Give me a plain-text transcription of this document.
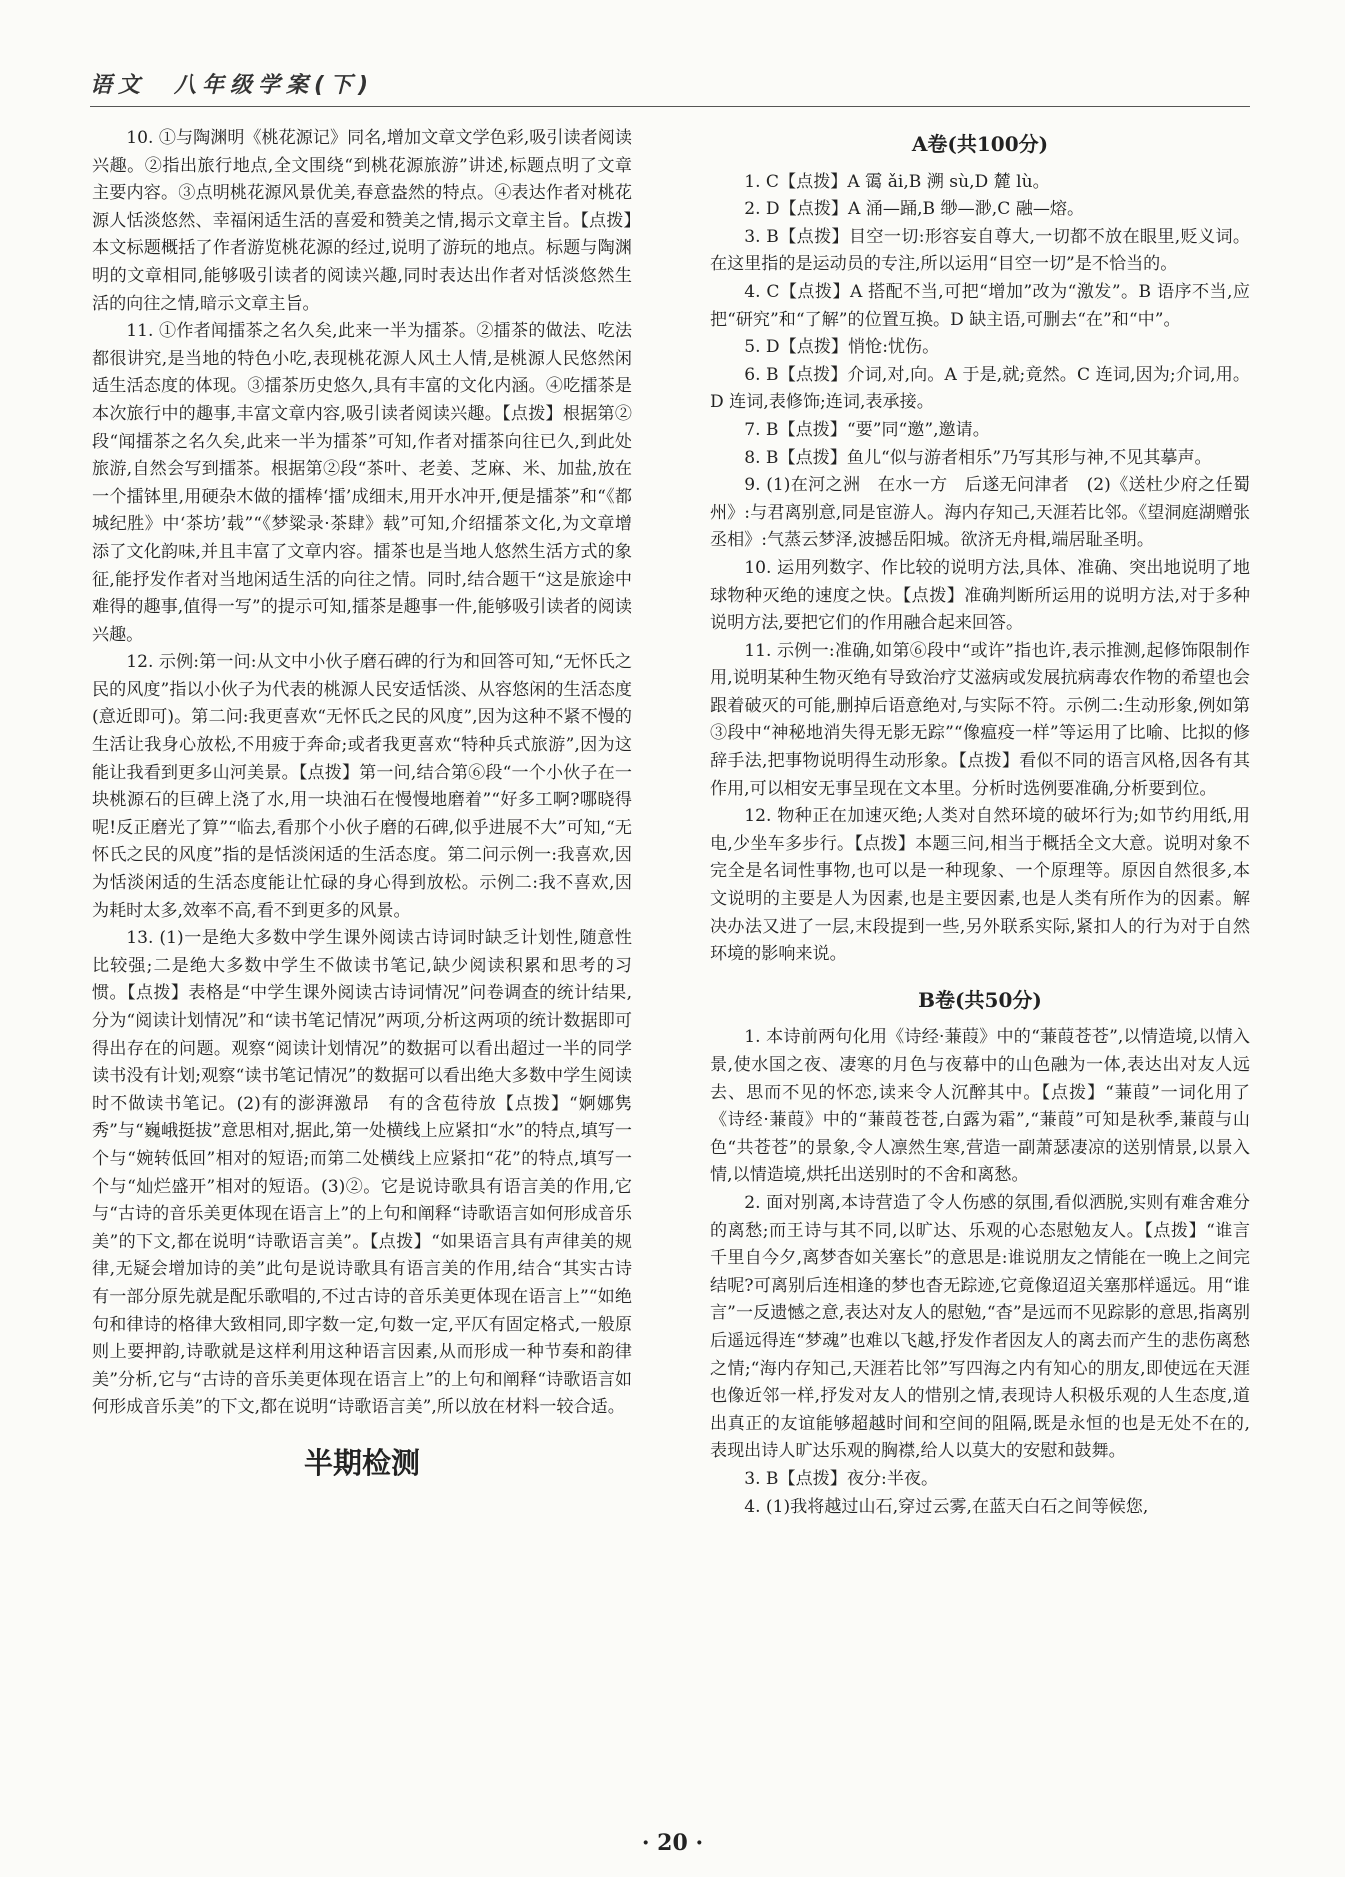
语文　八年级学案(下)

10. ①与陶渊明《桃花源记》同名,增加文章文学色彩,吸引读者阅读兴趣。②指出旅行地点,全文围绕“到桃花源旅游”讲述,标题点明了文章主要内容。③点明桃花源风景优美,春意盎然的特点。④表达作者对桃花源人恬淡悠然、幸福闲适生活的喜爱和赞美之情,揭示文章主旨。【点拨】本文标题概括了作者游览桃花源的经过,说明了游玩的地点。标题与陶渊明的文章相同,能够吸引读者的阅读兴趣,同时表达出作者对恬淡悠然生活的向往之情,暗示文章主旨。

11. ①作者闻擂茶之名久矣,此来一半为擂茶。②擂茶的做法、吃法都很讲究,是当地的特色小吃,表现桃花源人风土人情,是桃源人民悠然闲适生活态度的体现。③擂茶历史悠久,具有丰富的文化内涵。④吃擂茶是本次旅行中的趣事,丰富文章内容,吸引读者阅读兴趣。【点拨】根据第②段“闻擂茶之名久矣,此来一半为擂茶”可知,作者对擂茶向往已久,到此处旅游,自然会写到擂茶。根据第②段“茶叶、老姜、芝麻、米、加盐,放在一个擂钵里,用硬杂木做的擂棒‘擂’成细末,用开水冲开,便是擂茶”和“《都城纪胜》中‘茶坊’载”“《梦粱录·茶肆》载”可知,介绍擂茶文化,为文章增添了文化韵味,并且丰富了文章内容。擂茶也是当地人悠然生活方式的象征,能抒发作者对当地闲适生活的向往之情。同时,结合题干“这是旅途中难得的趣事,值得一写”的提示可知,擂茶是趣事一件,能够吸引读者的阅读兴趣。

12. 示例:第一问:从文中小伙子磨石碑的行为和回答可知,“无怀氏之民的风度”指以小伙子为代表的桃源人民安适恬淡、从容悠闲的生活态度(意近即可)。第二问:我更喜欢“无怀氏之民的风度”,因为这种不紧不慢的生活让我身心放松,不用疲于奔命;或者我更喜欢“特种兵式旅游”,因为这能让我看到更多山河美景。【点拨】第一问,结合第⑥段“一个小伙子在一块桃源石的巨碑上浇了水,用一块油石在慢慢地磨着”“好多工啊?哪晓得呢!反正磨光了算”“临去,看那个小伙子磨的石碑,似乎进展不大”可知,“无怀氏之民的风度”指的是恬淡闲适的生活态度。第二问示例一:我喜欢,因为恬淡闲适的生活态度能让忙碌的身心得到放松。示例二:我不喜欢,因为耗时太多,效率不高,看不到更多的风景。

13. (1)一是绝大多数中学生课外阅读古诗词时缺乏计划性,随意性比较强;二是绝大多数中学生不做读书笔记,缺少阅读积累和思考的习惯。【点拨】表格是“中学生课外阅读古诗词情况”问卷调查的统计结果,分为“阅读计划情况”和“读书笔记情况”两项,分析这两项的统计数据即可得出存在的问题。观察“阅读计划情况”的数据可以看出超过一半的同学读书没有计划;观察“读书笔记情况”的数据可以看出绝大多数中学生阅读时不做读书笔记。(2)有的澎湃激昂　有的含苞待放【点拨】“婀娜隽秀”与“巍峨挺拔”意思相对,据此,第一处横线上应紧扣“水”的特点,填写一个与“婉转低回”相对的短语;而第二处横线上应紧扣“花”的特点,填写一个与“灿烂盛开”相对的短语。(3)②。它是说诗歌具有语言美的作用,它与“古诗的音乐美更体现在语言上”的上句和阐释“诗歌语言如何形成音乐美”的下文,都在说明“诗歌语言美”。【点拨】“如果语言具有声律美的规律,无疑会增加诗的美”此句是说诗歌具有语言美的作用,结合“其实古诗有一部分原先就是配乐歌唱的,不过古诗的音乐美更体现在语言上”“如绝句和律诗的格律大致相同,即字数一定,句数一定,平仄有固定格式,一般原则上要押韵,诗歌就是这样利用这种语言因素,从而形成一种节奏和韵律美”分析,它与“古诗的音乐美更体现在语言上”的上句和阐释“诗歌语言如何形成音乐美”的下文,都在说明“诗歌语言美”,所以放在材料一较合适。

半期检测
A卷(共100分)

1. C【点拨】A 霭 ǎi,B 溯 sù,D 麓 lù。

2. D【点拨】A 涌—踊,B 缈—渺,C 融—熔。

3. B【点拨】目空一切:形容妄自尊大,一切都不放在眼里,贬义词。在这里指的是运动员的专注,所以运用“目空一切”是不恰当的。

4. C【点拨】A 搭配不当,可把“增加”改为“激发”。B 语序不当,应把“研究”和“了解”的位置互换。D 缺主语,可删去“在”和“中”。

5. D【点拨】悄怆:忧伤。

6. B【点拨】介词,对,向。A 于是,就;竟然。C 连词,因为;介词,用。D 连词,表修饰;连词,表承接。

7. B【点拨】“要”同“邀”,邀请。

8. B【点拨】鱼儿“似与游者相乐”乃写其形与神,不见其摹声。

9. (1)在河之洲　在水一方　后遂无问津者　(2)《送杜少府之任蜀州》:与君离别意,同是宦游人。海内存知己,天涯若比邻。《望洞庭湖赠张丞相》:气蒸云梦泽,波撼岳阳城。欲济无舟楫,端居耻圣明。

10. 运用列数字、作比较的说明方法,具体、准确、突出地说明了地球物种灭绝的速度之快。【点拨】准确判断所运用的说明方法,对于多种说明方法,要把它们的作用融合起来回答。

11. 示例一:准确,如第⑥段中“或许”指也许,表示推测,起修饰限制作用,说明某种生物灭绝有导致治疗艾滋病或发展抗病毒农作物的希望也会跟着破灭的可能,删掉后语意绝对,与实际不符。示例二:生动形象,例如第③段中“神秘地消失得无影无踪”“像瘟疫一样”等运用了比喻、比拟的修辞手法,把事物说明得生动形象。【点拨】看似不同的语言风格,因各有其作用,可以相安无事呈现在文本里。分析时选例要准确,分析要到位。

12. 物种正在加速灭绝;人类对自然环境的破坏行为;如节约用纸,用电,少坐车多步行。【点拨】本题三问,相当于概括全文大意。说明对象不完全是名词性事物,也可以是一种现象、一个原理等。原因自然很多,本文说明的主要是人为因素,也是主要因素,也是人类有所作为的因素。解决办法又进了一层,末段提到一些,另外联系实际,紧扣人的行为对于自然环境的影响来说。

B卷(共50分)

1. 本诗前两句化用《诗经·蒹葭》中的“蒹葭苍苍”,以情造境,以情入景,使水国之夜、凄寒的月色与夜幕中的山色融为一体,表达出对友人远去、思而不见的怀恋,读来令人沉醉其中。【点拨】“蒹葭”一词化用了《诗经·蒹葭》中的“蒹葭苍苍,白露为霜”,“蒹葭”可知是秋季,蒹葭与山色“共苍苍”的景象,令人凛然生寒,营造一副萧瑟凄凉的送别情景,以景入情,以情造境,烘托出送别时的不舍和离愁。

2. 面对别离,本诗营造了令人伤感的氛围,看似洒脱,实则有难舍难分的离愁;而王诗与其不同,以旷达、乐观的心态慰勉友人。【点拨】“谁言千里自今夕,离梦杳如关塞长”的意思是:谁说朋友之情能在一晚上之间完结呢?可离别后连相逢的梦也杳无踪迹,它竟像迢迢关塞那样遥远。用“谁言”一反遗憾之意,表达对友人的慰勉,“杳”是远而不见踪影的意思,指离别后遥远得连“梦魂”也难以飞越,抒发作者因友人的离去而产生的悲伤离愁之情;“海内存知己,天涯若比邻”写四海之内有知心的朋友,即使远在天涯也像近邻一样,抒发对友人的惜别之情,表现诗人积极乐观的人生态度,道出真正的友谊能够超越时间和空间的阻隔,既是永恒的也是无处不在的,表现出诗人旷达乐观的胸襟,给人以莫大的安慰和鼓舞。

3. B【点拨】夜分:半夜。

4. (1)我将越过山石,穿过云雾,在蓝天白石之间等候您,

· 20 ·
